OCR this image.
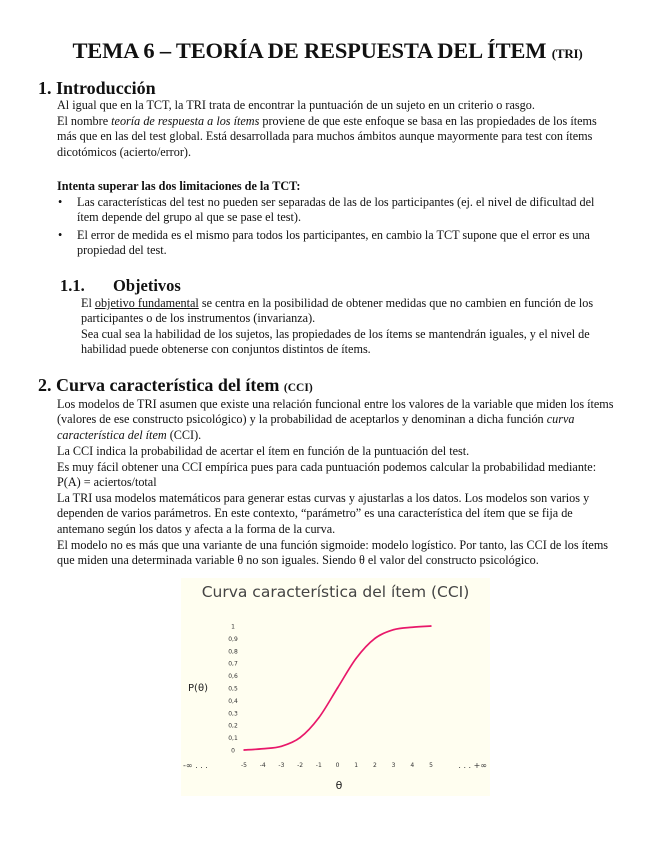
TEMA 6 – TEORÍA DE RESPUESTA DEL ÍTEM (TRI)
1. Introducción
Al igual que en la TCT, la TRI trata de encontrar la puntuación de un sujeto en un criterio o rasgo.
El nombre teoría de respuesta a los ítems proviene de que este enfoque se basa en las propiedades de los ítems más que en las del test global. Está desarrollada para muchos ámbitos aunque mayormente para test con ítems dicotómicos (acierto/error).
Intenta superar las dos limitaciones de la TCT:
• Las características del test no pueden ser separadas de las de los participantes (ej. el nivel de dificultad del ítem depende del grupo al que se pase el test).
• El error de medida es el mismo para todos los participantes, en cambio la TCT supone que el error es una propiedad del test.
1.1. Objetivos
El objetivo fundamental se centra en la posibilidad de obtener medidas que no cambien en función de los participantes o de los instrumentos (invarianza).
Sea cual sea la habilidad de los sujetos, las propiedades de los ítems se mantendrán iguales, y el nivel de habilidad puede obtenerse con conjuntos distintos de ítems.
2. Curva característica del ítem (CCI)
Los modelos de TRI asumen que existe una relación funcional entre los valores de la variable que miden los ítems (valores de ese constructo psicológico) y la probabilidad de aceptarlos y denominan a dicha función curva característica del ítem (CCI).
La CCI indica la probabilidad de acertar el ítem en función de la puntuación del test.
Es muy fácil obtener una CCI empírica pues para cada puntuación podemos calcular la probabilidad mediante: P(A) = aciertos/total
La TRI usa modelos matemáticos para generar estas curvas y ajustarlas a los datos. Los modelos son varios y dependen de varios parámetros. En este contexto, “parámetro” es una característica del ítem que se fija de antemano según los datos y afecta a la forma de la curva.
El modelo no es más que una variante de una función sigmoide: modelo logístico. Por tanto, las CCI de los ítems que miden una determinada variable θ no son iguales. Siendo θ el valor del constructo psicológico.
Curva característica del ítem (CCI)
P(θ)
θ
-∞ . . .	. . . +∞
0
0,1
0,2
0,3
0,4
0,5
0,6
0,7
0,8
0,9
1
-5 -4 -3 -2 -1 0 1 2 3 4 5
